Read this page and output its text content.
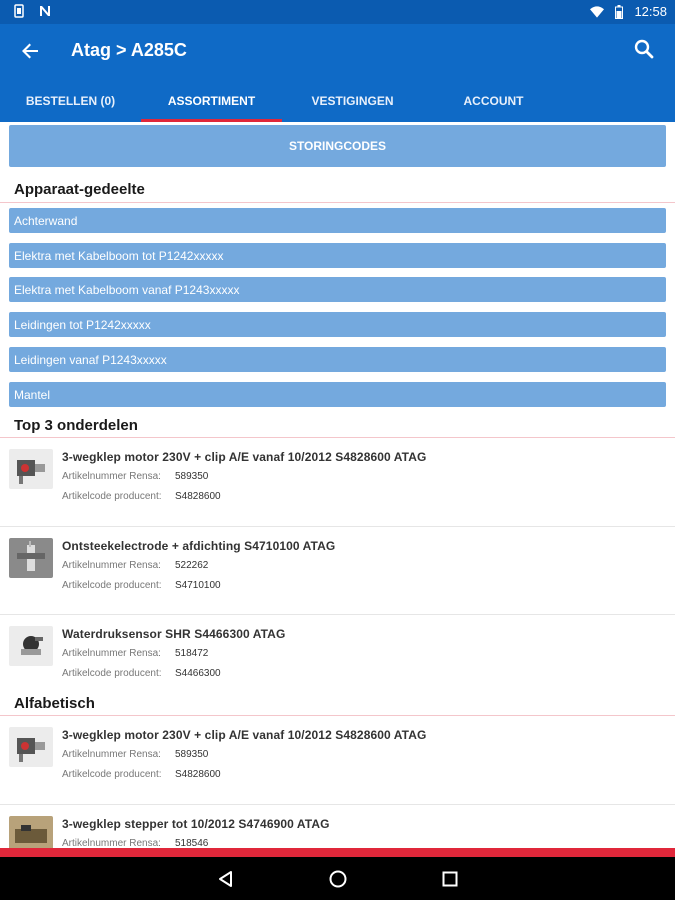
12:58
Atag > A285C
BESTELLEN (0)	ASSORTIMENT	VESTIGINGEN	ACCOUNT
STORINGCODES
Apparaat-gedeelte
Achterwand
Elektra met Kabelboom tot P1242xxxxx
Elektra met Kabelboom vanaf P1243xxxxx
Leidingen tot P1242xxxxx
Leidingen vanaf P1243xxxxx
Mantel
Top 3 onderdelen
3-wegklep motor 230V + clip A/E vanaf 10/2012 S4828600 ATAG
Artikelnummer Rensa: 589350
Artikelcode producent: S4828600
Ontsteekelectrode + afdichting S4710100 ATAG
Artikelnummer Rensa: 522262
Artikelcode producent: S4710100
Waterdruksensor SHR S4466300 ATAG
Artikelnummer Rensa: 518472
Artikelcode producent: S4466300
Alfabetisch
3-wegklep motor 230V + clip A/E vanaf 10/2012 S4828600 ATAG
Artikelnummer Rensa: 589350
Artikelcode producent: S4828600
3-wegklep stepper tot 10/2012 S4746900 ATAG
Artikelnummer Rensa: 518546
